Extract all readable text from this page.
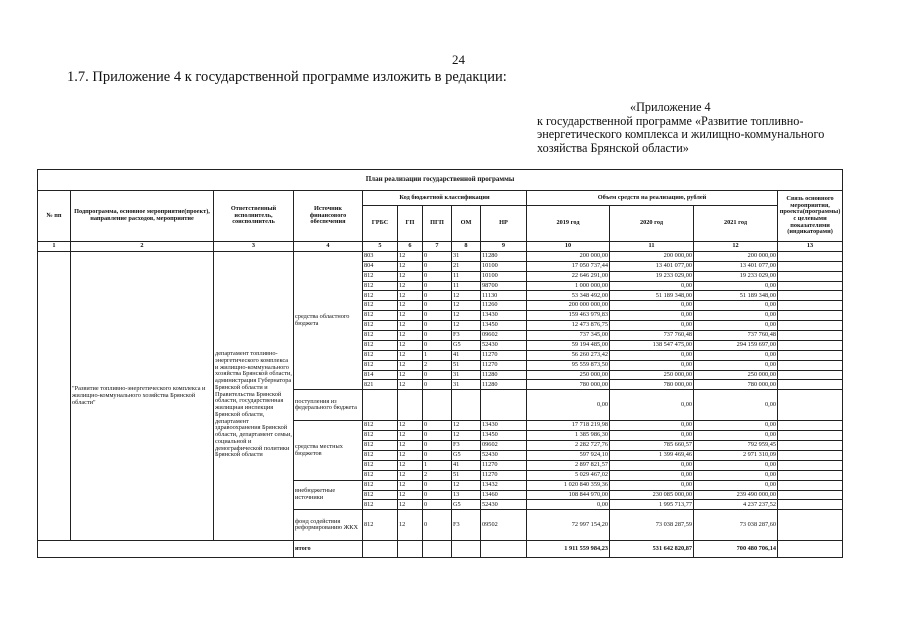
24
1.7. Приложение 4 к государственной программе изложить в редакции:
«Приложение 4
к государственной программе «Развитие топливно-
энергетического комплекса и жилищно-коммунального
хозяйства Брянской области»
План реализации государственной программы												
№ пп	Подпрограмма, основное мероприятие(проект), направление расходов, мероприятие	Ответственный исполнитель, соисполнитель	Источник финансового обеспечения	Код бюджетной классификации					Объем средств на реализацию, рублей			Связь основного мероприятия, проекта(программы) с целевыми показателями (индикаторами)
				ГРБС	ГП	ПГП	ОМ	НР	2019 год	2020 год	2021 год	
1	2	3	4	5	6	7	8	9	10	11	12	13
	"Развитие топливно-энергетического комплекса и жилищно-коммунального хозяйства Брянской области"	департамент топливно-энергетического комплекса и жилищно-коммунального хозяйства Брянской области, администрация Губернатора Брянской области и Правительства Брянской области, государственная жилищная инспекция Брянской области, департамент здравоохранения Брянской области, департамент семьи, социальной и демографической политики Брянской области	средства областного бюджета	803	12	0	31	11280	200 000,00	200 000,00	200 000,00	
				804	12	0	21	10100	17 050 737,44	13 401 077,00	13 401 077,00	
				812	12	0	11	10100	22 646 291,00	19 233 029,00	19 233 029,00	
				812	12	0	11	98700	1 000 000,00	0,00	0,00	
				812	12	0	12	11130	53 348 492,00	51 189 348,00	51 189 348,00	
				812	12	0	12	11260	200 000 000,00	0,00	0,00	
				812	12	0	12	13430	159 463 979,83	0,00	0,00	
				812	12	0	12	13450	12 473 876,75	0,00	0,00	
				812	12	0	F3	09602	737 345,00	737 760,48	737 760,48	
				812	12	0	G5	52430	59 194 485,00	138 547 475,00	294 159 697,00	
				812	12	1	41	11270	56 260 273,42	0,00	0,00	
				812	12	2	51	11270	95 559 873,50	0,00	0,00	
				814	12	0	31	11280	250 000,00	250 000,00	250 000,00	
				821	12	0	31	11280	780 000,00	780 000,00	780 000,00	
			поступления из федерального бюджета						0,00	0,00	0,00	
			средства местных бюджетов	812	12	0	12	13430	17 718 219,98	0,00	0,00	
				812	12	0	12	13450	1 385 986,30	0,00	0,00	
				812	12	0	F3	09602	2 282 727,76	785 660,57	792 959,45	
				812	12	0	G5	52430	597 924,10	1 399 469,46	2 971 310,09	
				812	12	1	41	11270	2 897 821,57	0,00	0,00	
				812	12	2	51	11270	5 029 467,02	0,00	0,00	
			внебюджетные источники	812	12	0	12	13432	1 020 840 359,36	0,00	0,00	
				812	12	0	13	13460	108 844 970,00	230 085 000,00	239 490 000,00	
				812	12	0	G5	52430	0,00	1 995 713,77	4 237 237,52	
			фонд содействия реформированию ЖКХ	812	12	0	F3	09502	72 997 154,20	73 038 287,59	73 038 287,60	
			итого						1 911 559 984,23	531 642 820,87	700 480 706,14	
